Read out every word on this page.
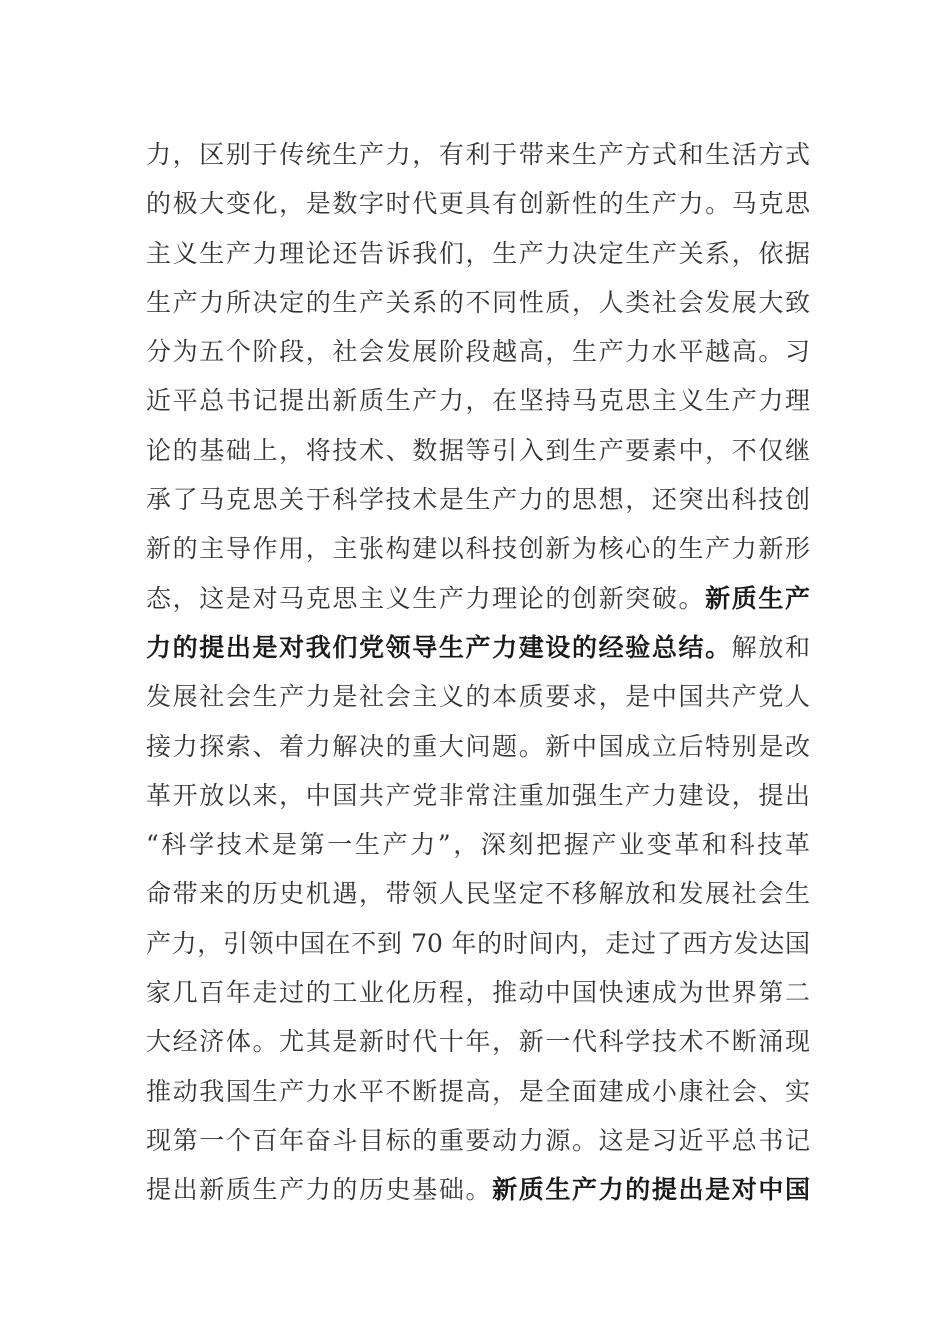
力，区别于传统生产力，有利于带来生产方式和生活方式
的极大变化，是数字时代更具有创新性的生产力。马克思
主义生产力理论还告诉我们，生产力决定生产关系，依据
生产力所决定的生产关系的不同性质，人类社会发展大致
分为五个阶段，社会发展阶段越高，生产力水平越高。习
近平总书记提出新质生产力，在坚持马克思主义生产力理
论的基础上，将技术、数据等引入到生产要素中，不仅继
承了马克思关于科学技术是生产力的思想，还突出科技创
新的主导作用，主张构建以科技创新为核心的生产力新形
态，这是对马克思主义生产力理论的创新突破。新质生产
力的提出是对我们党领导生产力建设的经验总结。解放和
发展社会生产力是社会主义的本质要求，是中国共产党人
接力探索、着力解决的重大问题。新中国成立后特别是改
革开放以来，中国共产党非常注重加强生产力建设，提出
“科学技术是第一生产力”，深刻把握产业变革和科技革
命带来的历史机遇，带领人民坚定不移解放和发展社会生
产力，引领中国在不到 70 年的时间内，走过了西方发达国
家几百年走过的工业化历程，推动中国快速成为世界第二
大经济体。尤其是新时代十年，新一代科学技术不断涌现
推动我国生产力水平不断提高，是全面建成小康社会、实
现第一个百年奋斗目标的重要动力源。这是习近平总书记
提出新质生产力的历史基础。新质生产力的提出是对中国
